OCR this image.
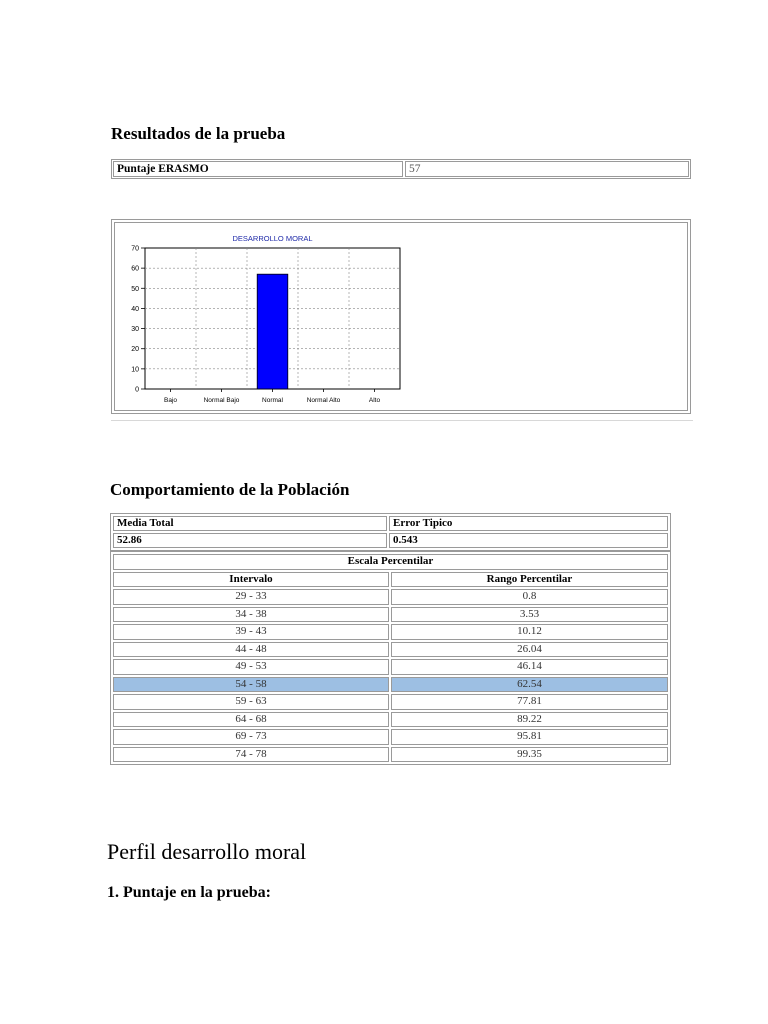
Resultados de la prueba
Puntaje ERASMO	57
DESARROLLO MORAL
0
10
20
30
40
50
60
70
Bajo	Normal Bajo	Normal	Normal Alto	Alto
Comportamiento de la Población
Media Total	Error Tipico
52.86	0.543
Escala Percentilar	
Intervalo	Rango Percentilar
29 - 33	0.8
34 - 38	3.53
39 - 43	10.12
44 - 48	26.04
49 - 53	46.14
54 - 58	62.54
59 - 63	77.81
64 - 68	89.22
69 - 73	95.81
74 - 78	99.35
Perfil desarrollo moral

1. Puntaje en la prueba:
